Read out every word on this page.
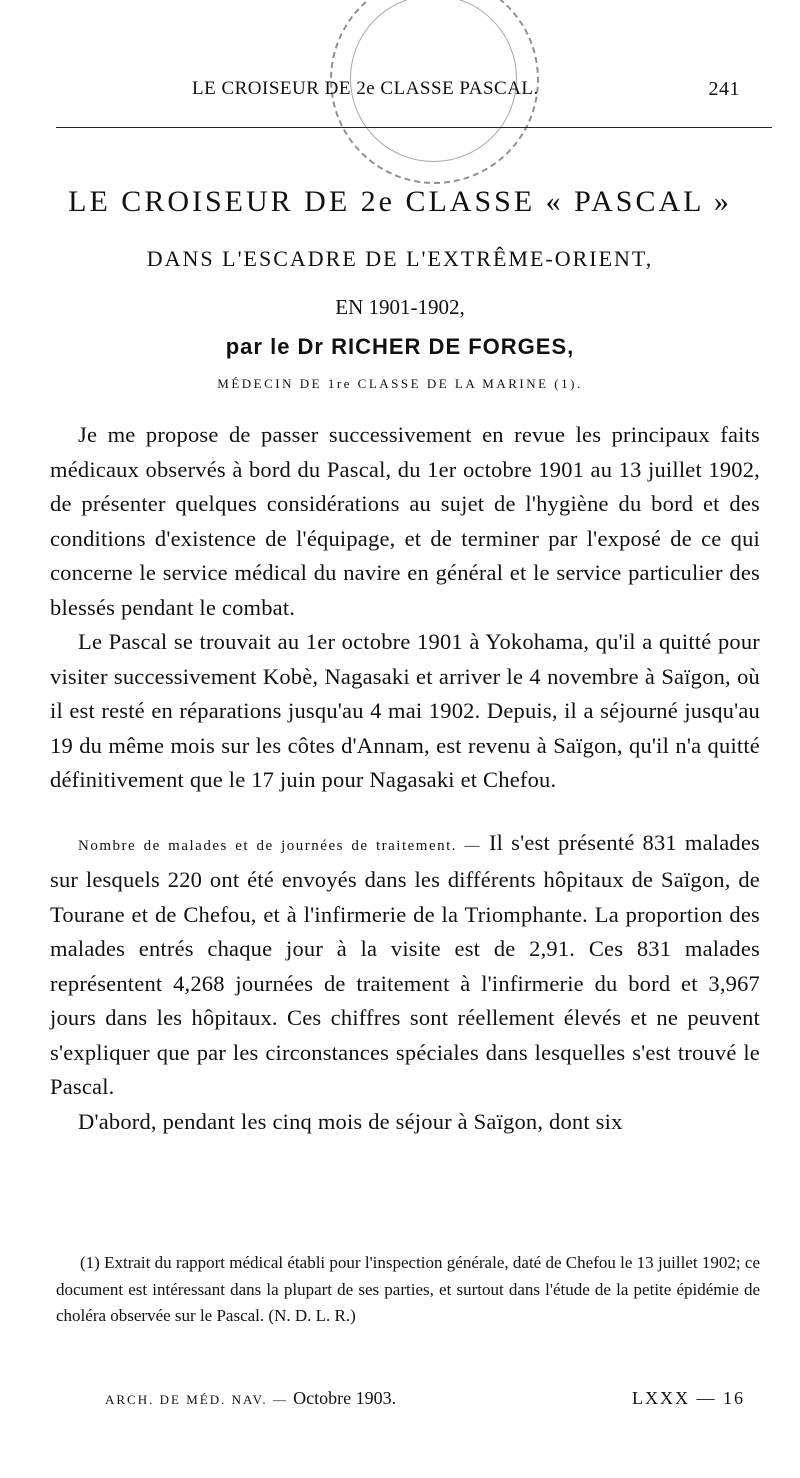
LE CROISEUR DE 2e CLASSE PASCAL.	241
LE CROISEUR DE 2e CLASSE « PASCAL »
DANS L'ESCADRE DE L'EXTRÊME-ORIENT,
EN 1901-1902,
par le Dr RICHER DE FORGES,
MÉDECIN DE 1re CLASSE DE LA MARINE (1).

Je me propose de passer successivement en revue les principaux faits médicaux observés à bord du Pascal, du 1er octobre 1901 au 13 juillet 1902, de présenter quelques considérations au sujet de l'hygiène du bord et des conditions d'existence de l'équipage, et de terminer par l'exposé de ce qui concerne le service médical du navire en général et le service particulier des blessés pendant le combat.

Le Pascal se trouvait au 1er octobre 1901 à Yokohama, qu'il a quitté pour visiter successivement Kobè, Nagasaki et arriver le 4 novembre à Saïgon, où il est resté en réparations jusqu'au 4 mai 1902. Depuis, il a séjourné jusqu'au 19 du même mois sur les côtes d'Annam, est revenu à Saïgon, qu'il n'a quitté définitivement que le 17 juin pour Nagasaki et Chefou.

Nombre de malades et de journées de traitement. — Il s'est présenté 831 malades sur lesquels 220 ont été envoyés dans les différents hôpitaux de Saïgon, de Tourane et de Chefou, et à l'infirmerie de la Triomphante. La proportion des malades entrés chaque jour à la visite est de 2,91. Ces 831 malades représentent 4,268 journées de traitement à l'infirmerie du bord et 3,967 jours dans les hôpitaux. Ces chiffres sont réellement élevés et ne peuvent s'expliquer que par les circonstances spéciales dans lesquelles s'est trouvé le Pascal.

D'abord, pendant les cinq mois de séjour à Saïgon, dont six

(1) Extrait du rapport médical établi pour l'inspection générale, daté de Chefou le 13 juillet 1902; ce document est intéressant dans la plupart de ses parties, et surtout dans l'étude de la petite épidémie de choléra observée sur le Pascal. (N. D. L. R.)

ARCH. DE MÉD. NAV. — Octobre 1903.	LXXX — 16
